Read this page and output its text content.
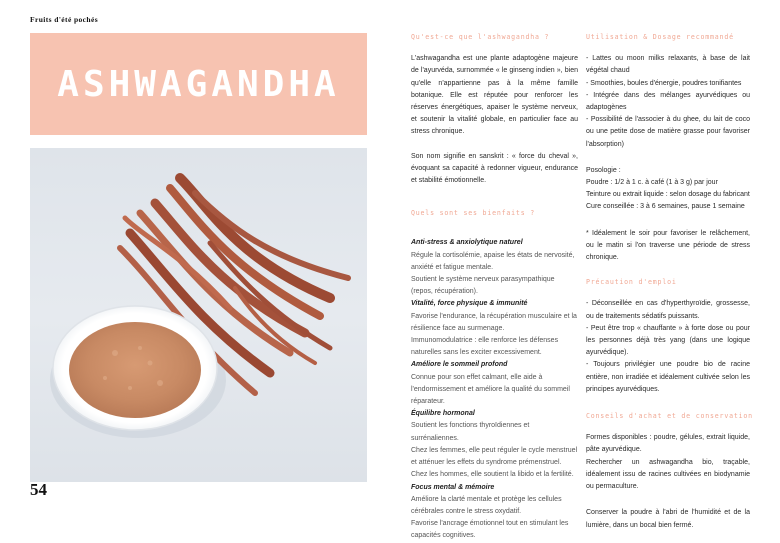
Fruits d'été pochés
ASHWAGANDHA
54
Qu'est-ce que l'ashwagandha ?

L'ashwagandha est une plante adaptogène majeure de l'ayurvéda, surnommée « le ginseng indien », bien qu'elle n'appartienne pas à la même famille botanique. Elle est réputée pour renforcer les réserves énergétiques, apaiser le système nerveux, et soutenir la vitalité globale, en particulier face au stress chronique.

Son nom signifie en sanskrit : « force du cheval », évoquant sa capacité à redonner vigueur, endurance et stabilité émotionnelle.

Quels sont ses bienfaits ?

Anti-stress & anxiolytique naturel

Régule la cortisolémie, apaise les états de nervosité, anxiété et fatigue mentale.

Soutient le système nerveux parasympathique (repos, récupération).

Vitalité, force physique & immunité

Favorise l'endurance, la récupération musculaire et la résilience face au surmenage.

Immunomodulatrice : elle renforce les défenses naturelles sans les exciter excessivement.

Améliore le sommeil profond

Connue pour son effet calmant, elle aide à l'endormissement et améliore la qualité du sommeil réparateur.

Équilibre hormonal

Soutient les fonctions thyroïdiennes et surrénaliennes.

Chez les femmes, elle peut réguler le cycle menstruel et atténuer les effets du syndrome prémenstruel.

Chez les hommes, elle soutient la libido et la fertilité.

Focus mental & mémoire

Améliore la clarté mentale et protège les cellules cérébrales contre le stress oxydatif.

Favorise l'ancrage émotionnel tout en stimulant les capacités cognitives.

Utilisation & Dosage recommandé

- Lattes ou moon milks relaxants, à base de lait végétal chaud

- Smoothies, boules d'énergie, poudres tonifiantes

- Intégrée dans des mélanges ayurvédiques ou adaptogènes

- Possibilité de l'associer à du ghee, du lait de coco ou une petite dose de matière grasse pour favoriser l'absorption)

Posologie :

Poudre : 1/2 à 1 c. à café (1 à 3 g) par jour

Teinture ou extrait liquide : selon dosage du fabricant

Cure conseillée : 3 à 6 semaines, pause 1 semaine

* Idéalement le soir pour favoriser le relâchement, ou le matin si l'on traverse une période de stress chronique.

Précaution d'emploi

- Déconseillée en cas d'hyperthyroïdie, grossesse, ou de traitements sédatifs puissants.

- Peut être trop « chauffante » à forte dose ou pour les personnes déjà très yang (dans une logique ayurvédique).

- Toujours privilégier une poudre bio de racine entière, non irradiée et idéalement cultivée selon les principes ayurvédiques.

Conseils d'achat et de conservation

Formes disponibles : poudre, gélules, extrait liquide, pâte ayurvédique.

Rechercher un ashwagandha bio, traçable, idéalement issu de racines cultivées en biodynamie ou permaculture.

Conserver la poudre à l'abri de l'humidité et de la lumière, dans un bocal bien fermé.
